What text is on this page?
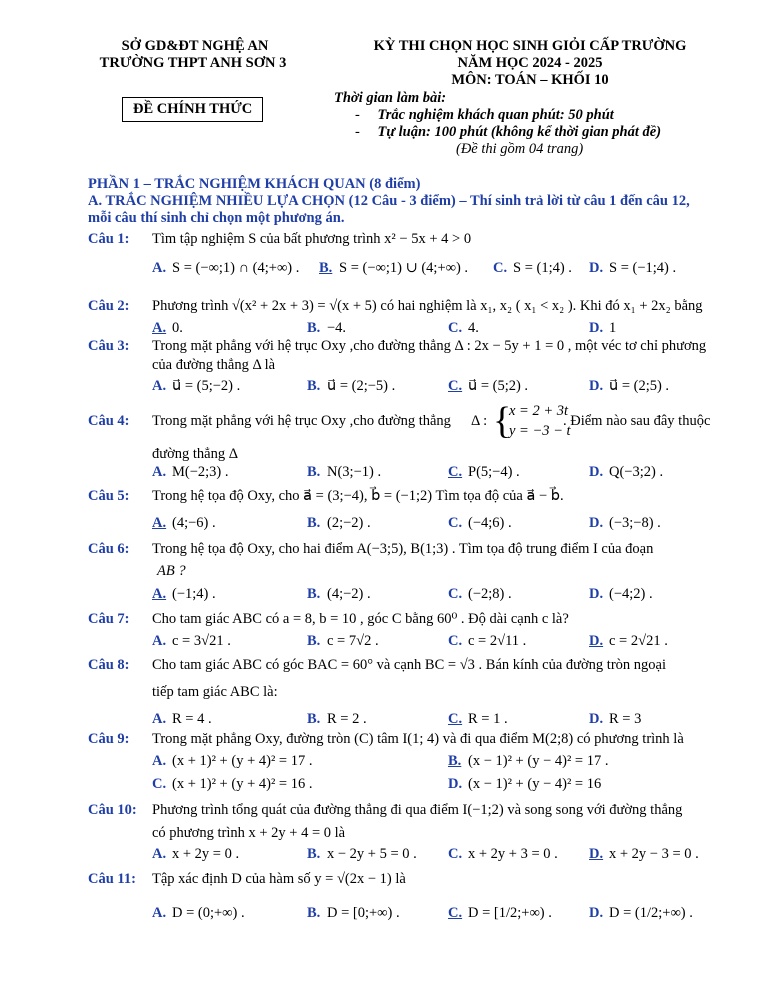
SỞ GD&ĐT NGHỆ AN
TRƯỜNG THPT ANH SƠN 3
ĐỀ CHÍNH THỨC
KỲ THI CHỌN HỌC SINH GIỎI CẤP TRƯỜNG
NĂM HỌC 2024 - 2025
MÔN: TOÁN – KHỐI 10
Thời gian làm bài:
- Trắc nghiệm khách quan phút: 50 phút
- Tự luận: 100 phút (không kể thời gian phát đề)
(Đề thi gồm 04 trang)
PHẦN 1 – TRẮC NGHIỆM KHÁCH QUAN (8 điểm)
A. TRẮC NGHIỆM NHIỀU LỰA CHỌN (12 Câu - 3 điểm) – Thí sinh trả lời từ câu 1 đến câu 12,
mỗi câu thí sinh chỉ chọn một phương án.
Câu 1: Tìm tập nghiệm S của bất phương trình x² − 5x + 4 > 0
A. S = (−∞;1) ∩ (4;+∞) . B. S = (−∞;1) ∪ (4;+∞) . C. S = (1;4) . D. S = (−1;4) .
Câu 2: Phương trình √(x² + 2x + 3) = √(x + 5) có hai nghiệm là x₁, x₂ ( x₁ < x₂ ). Khi đó x₁ + 2x₂ bằng
A. 0.	B. −4.	C. 4.	D. 1
Câu 3: Trong mặt phẳng với hệ trục Oxy ,cho đường thẳng Δ : 2x − 5y + 1 = 0 , một véc tơ chỉ phương
của đường thẳng Δ là
A. u⃗ = (5;−2) .	B. u⃗ = (2;−5) .	C. u⃗ = (5;2) .	D. u⃗ = (2;5) .
Câu 4: Trong mặt phẳng với hệ trục Oxy ,cho đường thẳng Δ : {
x = 2 + 3t
y = −3 − t
. Điểm nào sau đây thuộc
đường thẳng Δ
A. M(−2;3) .	B. N(3;−1) .	C. P(5;−4) .	D. Q(−3;2) .
Câu 5: Trong hệ tọa độ Oxy, cho a⃗ = (3;−4), b⃗ = (−1;2) Tìm tọa độ của a⃗ − b⃗.
A. (4;−6) .	B. (2;−2) .	C. (−4;6) .	D. (−3;−8) .
Câu 6: Trong hệ tọa độ Oxy, cho hai điểm A(−3;5), B(1;3) . Tìm tọa độ trung điểm I của đoạn
AB ?
A. (−1;4) .	B. (4;−2) .	C. (−2;8) .	D. (−4;2) .
Câu 7: Cho tam giác ABC có a = 8, b = 10 , góc C bằng 60⁰ . Độ dài cạnh c là?
A. c = 3√21 .	B. c = 7√2 .	C. c = 2√11 .	D. c = 2√21 .
Câu 8: Cho tam giác ABC có góc BAC = 60° và cạnh BC = √3 . Bán kính của đường tròn ngoại
tiếp tam giác ABC là:
A. R = 4 .	B. R = 2 .	C. R = 1 .	D. R = 3
Câu 9: Trong mặt phẳng Oxy, đường tròn (C) tâm I(1; 4) và đi qua điểm M(2;8) có phương trình là
A. (x + 1)² + (y + 4)² = 17 .	B. (x − 1)² + (y − 4)² = 17 .
C. (x + 1)² + (y + 4)² = 16 .	D. (x − 1)² + (y − 4)² = 16
Câu 10: Phương trình tổng quát của đường thẳng đi qua điểm I(−1;2) và song song với đường thẳng
có phương trình x + 2y + 4 = 0 là
A. x + 2y = 0 .	B. x − 2y + 5 = 0 . C. x + 2y + 3 = 0 . D. x + 2y − 3 = 0 .
Câu 11: Tập xác định D của hàm số y = √(2x − 1) là
A. D = (0;+∞) .	B. D = [0;+∞) .	C. D = [1/2;+∞) .	D. D = (1/2;+∞) .
